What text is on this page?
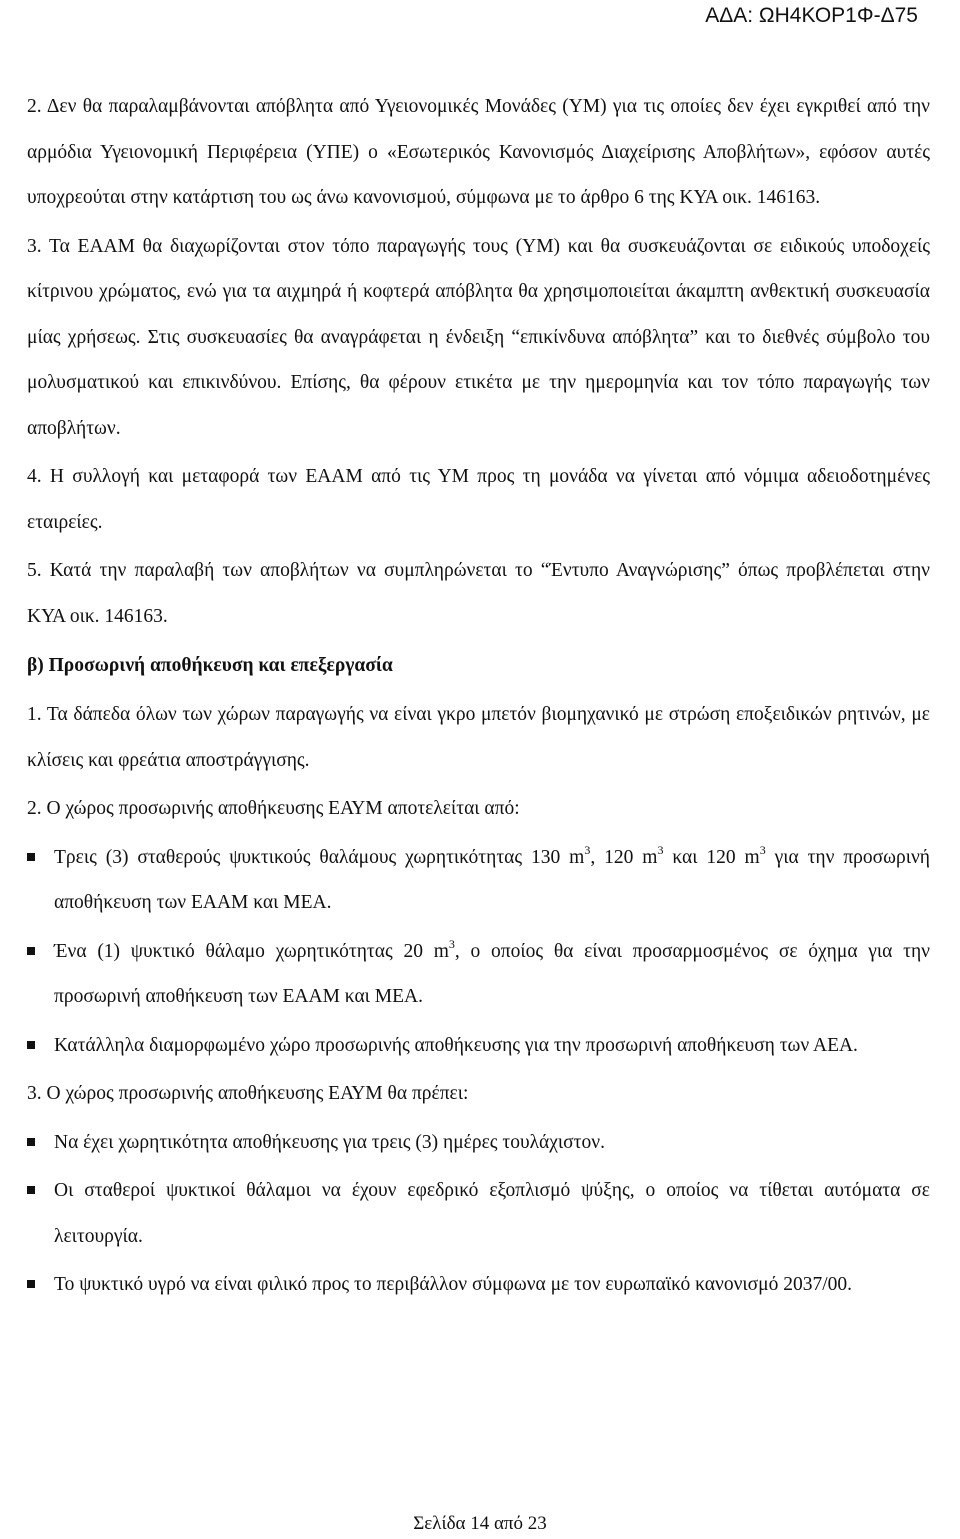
ΑΔΑ: ΩΗ4ΚΟΡ1Φ-Δ75

2. Δεν θα παραλαμβάνονται απόβλητα από Υγειονομικές Μονάδες (ΥΜ) για τις οποίες δεν έχει εγκριθεί από την αρμόδια Υγειονομική Περιφέρεια (ΥΠΕ) ο «Εσωτερικός Κανονισμός Διαχείρισης Αποβλήτων», εφόσον αυτές υποχρεούται στην κατάρτιση του ως άνω κανονισμού, σύμφωνα με το άρθρο 6 της ΚΥΑ οικ. 146163.

3. Τα ΕΑΑΜ θα διαχωρίζονται στον τόπο παραγωγής τους (ΥΜ) και θα συσκευάζονται σε ειδικούς υποδοχείς κίτρινου χρώματος, ενώ για τα αιχμηρά ή κοφτερά απόβλητα θα χρησιμοποιείται άκαμπτη ανθεκτική συσκευασία μίας χρήσεως. Στις συσκευασίες θα αναγράφεται η ένδειξη “επικίνδυνα απόβλητα” και το διεθνές σύμβολο του μολυσματικού και επικινδύνου. Επίσης, θα φέρουν ετικέτα με την ημερομηνία και τον τόπο παραγωγής των αποβλήτων.

4. Η συλλογή και μεταφορά των ΕΑΑΜ από τις ΥΜ προς τη μονάδα να γίνεται από νόμιμα αδειοδοτημένες εταιρείες.

5. Κατά την παραλαβή των αποβλήτων να συμπληρώνεται το “Έντυπο Αναγνώρισης” όπως προβλέπεται στην ΚΥΑ οικ. 146163.

β) Προσωρινή αποθήκευση και επεξεργασία

1. Τα δάπεδα όλων των χώρων παραγωγής να είναι γκρο μπετόν βιομηχανικό με στρώση εποξειδικών ρητινών, με κλίσεις και φρεάτια αποστράγγισης.

2. Ο χώρος προσωρινής αποθήκευσης ΕΑΥΜ αποτελείται από:

Τρεις (3) σταθερούς ψυκτικούς θαλάμους χωρητικότητας 130 $m^3$, 120 $m^3$ και 120 $m^3$ για την προσωρινή αποθήκευση των ΕΑΑΜ και ΜΕΑ.
Ένα (1) ψυκτικό θάλαμο χωρητικότητας 20 $m^3$, ο οποίος θα είναι προσαρμοσμένος σε όχημα για την προσωρινή αποθήκευση των ΕΑΑΜ και ΜΕΑ.
Κατάλληλα διαμορφωμένο χώρο προσωρινής αποθήκευσης για την προσωρινή αποθήκευση των ΑΕΑ.

3. Ο χώρος προσωρινής αποθήκευσης ΕΑΥΜ θα πρέπει:

Να έχει χωρητικότητα αποθήκευσης για τρεις (3) ημέρες τουλάχιστον.
Οι σταθεροί ψυκτικοί θάλαμοι να έχουν εφεδρικό εξοπλισμό ψύξης, ο οποίος να τίθεται αυτόματα σε λειτουργία.
Το ψυκτικό υγρό να είναι φιλικό προς το περιβάλλον σύμφωνα με τον ευρωπαϊκό κανονισμό 2037/00.
Σελίδα 14 από 23
